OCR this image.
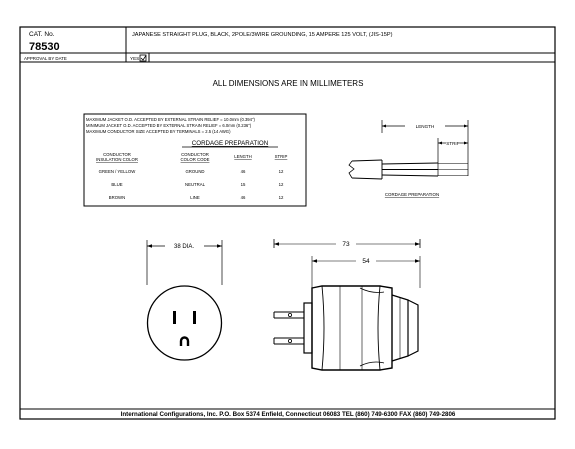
CAT. No.
78530
JAPANESE STRAIGHT PLUG, BLACK, 2POLE/3WIRE GROUNDING, 15 AMPERE 125 VOLT, (JIS-15P)
APPROVAL BY DATE	YES
ALL DIMENSIONS ARE IN MILLIMETERS
MAXIMUM JACKET O.D. ACCEPTED BY EXTERNAL STRAIN RELIEF = 10.0mm (0.394")
MINIMUM JACKET O.D. ACCEPTED BY EXTERNAL STRAIN RELIEF = 6.0mm (0.236")
MAXIMUM CONDUCTOR SIZE ACCEPTED BY TERMINALS = 2.5 (14 AWG)
CORDAGE PREPARATION
CONDUCTOR
INSULATION COLOR
CONDUCTOR
COLOR CODE
LENGTH	STRIP
GREEN / YELLOW	GROUND	46	12
BLUE	NEUTRAL	15	12
BROWN	LINE	46	12
LENGTH
STRIP
CORDAGE PREPARATION
38 DIA.	73
54
International Configurations, Inc. P.O. Box 5374 Enfield, Connecticut 06083 TEL (860) 749-6300 FAX (860) 749-2806
